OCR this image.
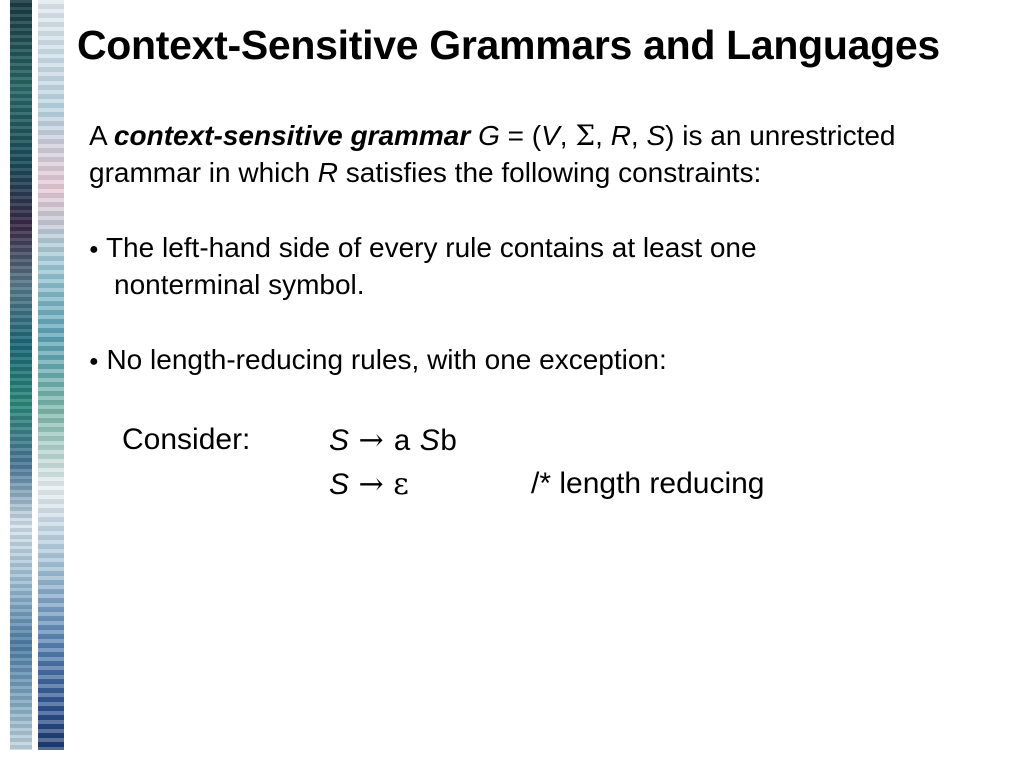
Context-Sensitive Grammars and Languages
A context-sensitive grammar G = (V, Σ, R, S) is an unrestricted
grammar in which R satisfies the following constraints:
● The left-hand side of every rule contains at least one
nonterminal symbol.
● No length-reducing rules, with one exception:
Consider:	S → a Sb
S → ε	/* length reducing
